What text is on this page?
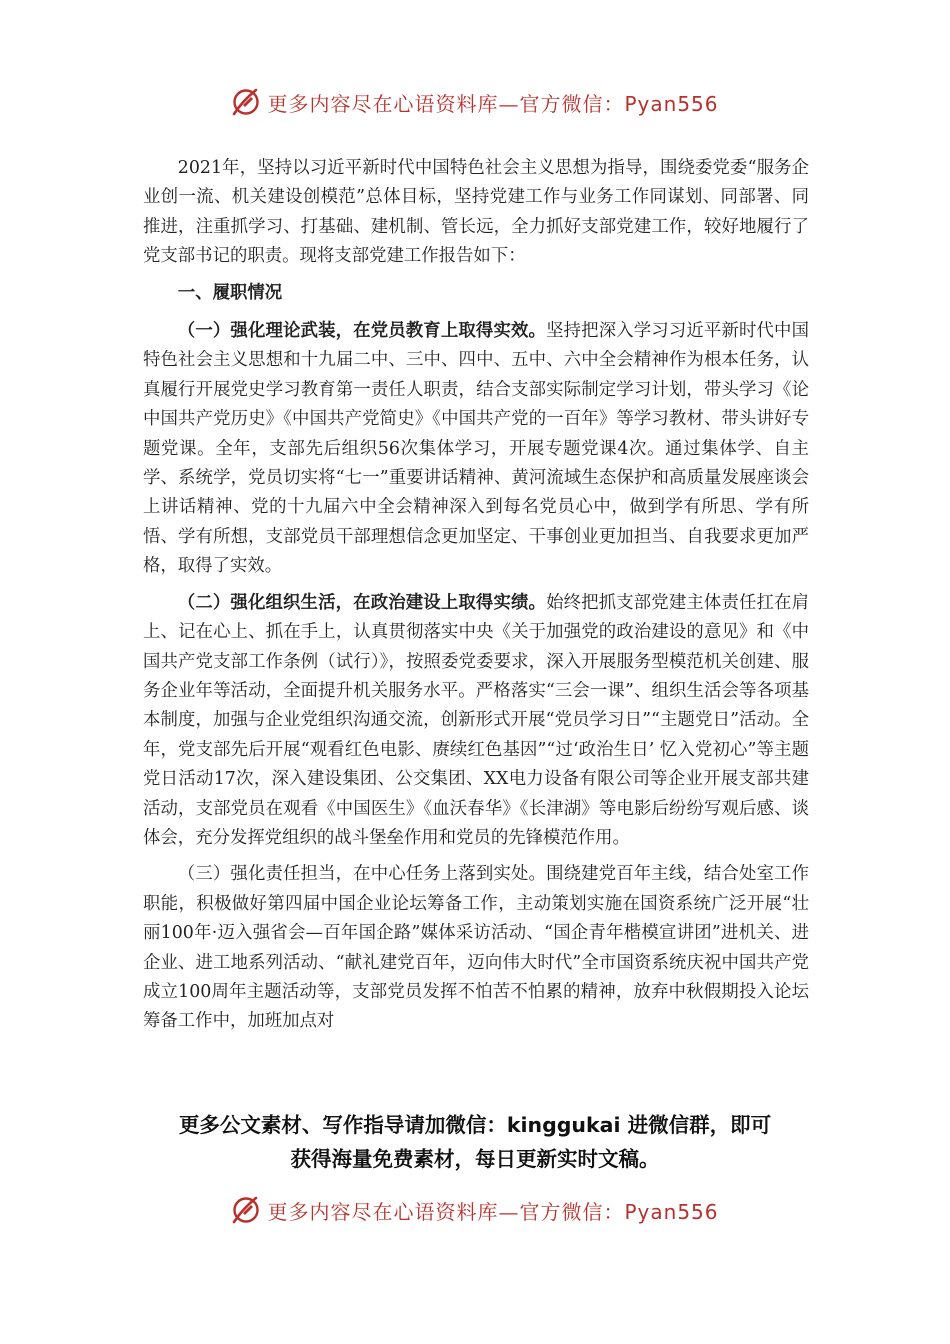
更多内容尽在心语资料库—官方微信：Pyan556

2021年，坚持以习近平新时代中国特色社会主义思想为指导，围绕委党委“服务企业创一流、机关建设创模范”总体目标，坚持党建工作与业务工作同谋划、同部署、同推进，注重抓学习、打基础、建机制、管长远，全力抓好支部党建工作，较好地履行了党支部书记的职责。现将支部党建工作报告如下：

一、履职情况

（一）强化理论武装，在党员教育上取得实效。坚持把深入学习习近平新时代中国特色社会主义思想和十九届二中、三中、四中、五中、六中全会精神作为根本任务，认真履行开展党史学习教育第一责任人职责，结合支部实际制定学习计划，带头学习《论中国共产党历史》《中国共产党简史》《中国共产党的一百年》等学习教材、带头讲好专题党课。全年，支部先后组织56次集体学习，开展专题党课4次。通过集体学、自主学、系统学，党员切实将“七一”重要讲话精神、黄河流域生态保护和高质量发展座谈会上讲话精神、党的十九届六中全会精神深入到每名党员心中，做到学有所思、学有所悟、学有所想，支部党员干部理想信念更加坚定、干事创业更加担当、自我要求更加严格，取得了实效。

（二）强化组织生活，在政治建设上取得实绩。始终把抓支部党建主体责任扛在肩上、记在心上、抓在手上，认真贯彻落实中央《关于加强党的政治建设的意见》和《中国共产党支部工作条例（试行）》，按照委党委要求，深入开展服务型模范机关创建、服务企业年等活动，全面提升机关服务水平。严格落实“三会一课”、组织生活会等各项基本制度，加强与企业党组织沟通交流，创新形式开展“党员学习日”“主题党日”活动。全年，党支部先后开展“观看红色电影、赓续红色基因”“过‘政治生日’ 忆入党初心”等主题党日活动17次，深入建设集团、公交集团、XX电力设备有限公司等企业开展支部共建活动，支部党员在观看《中国医生》《血沃春华》《长津湖》等电影后纷纷写观后感、谈体会，充分发挥党组织的战斗堡垒作用和党员的先锋模范作用。

（三）强化责任担当，在中心任务上落到实处。围绕建党百年主线，结合处室工作职能，积极做好第四届中国企业论坛筹备工作，主动策划实施在国资系统广泛开展“壮丽100年·迈入强省会—百年国企路”媒体采访活动、“国企青年楷模宣讲团”进机关、进企业、进工地系列活动、“献礼建党百年，迈向伟大时代”全市国资系统庆祝中国共产党成立100周年主题活动等，支部党员发挥不怕苦不怕累的精神，放弃中秋假期投入论坛筹备工作中，加班加点对

更多公文素材、写作指导请加微信：kinggukai 进微信群，即可
获得海量免费素材，每日更新实时文稿。
更多内容尽在心语资料库—官方微信：Pyan556
